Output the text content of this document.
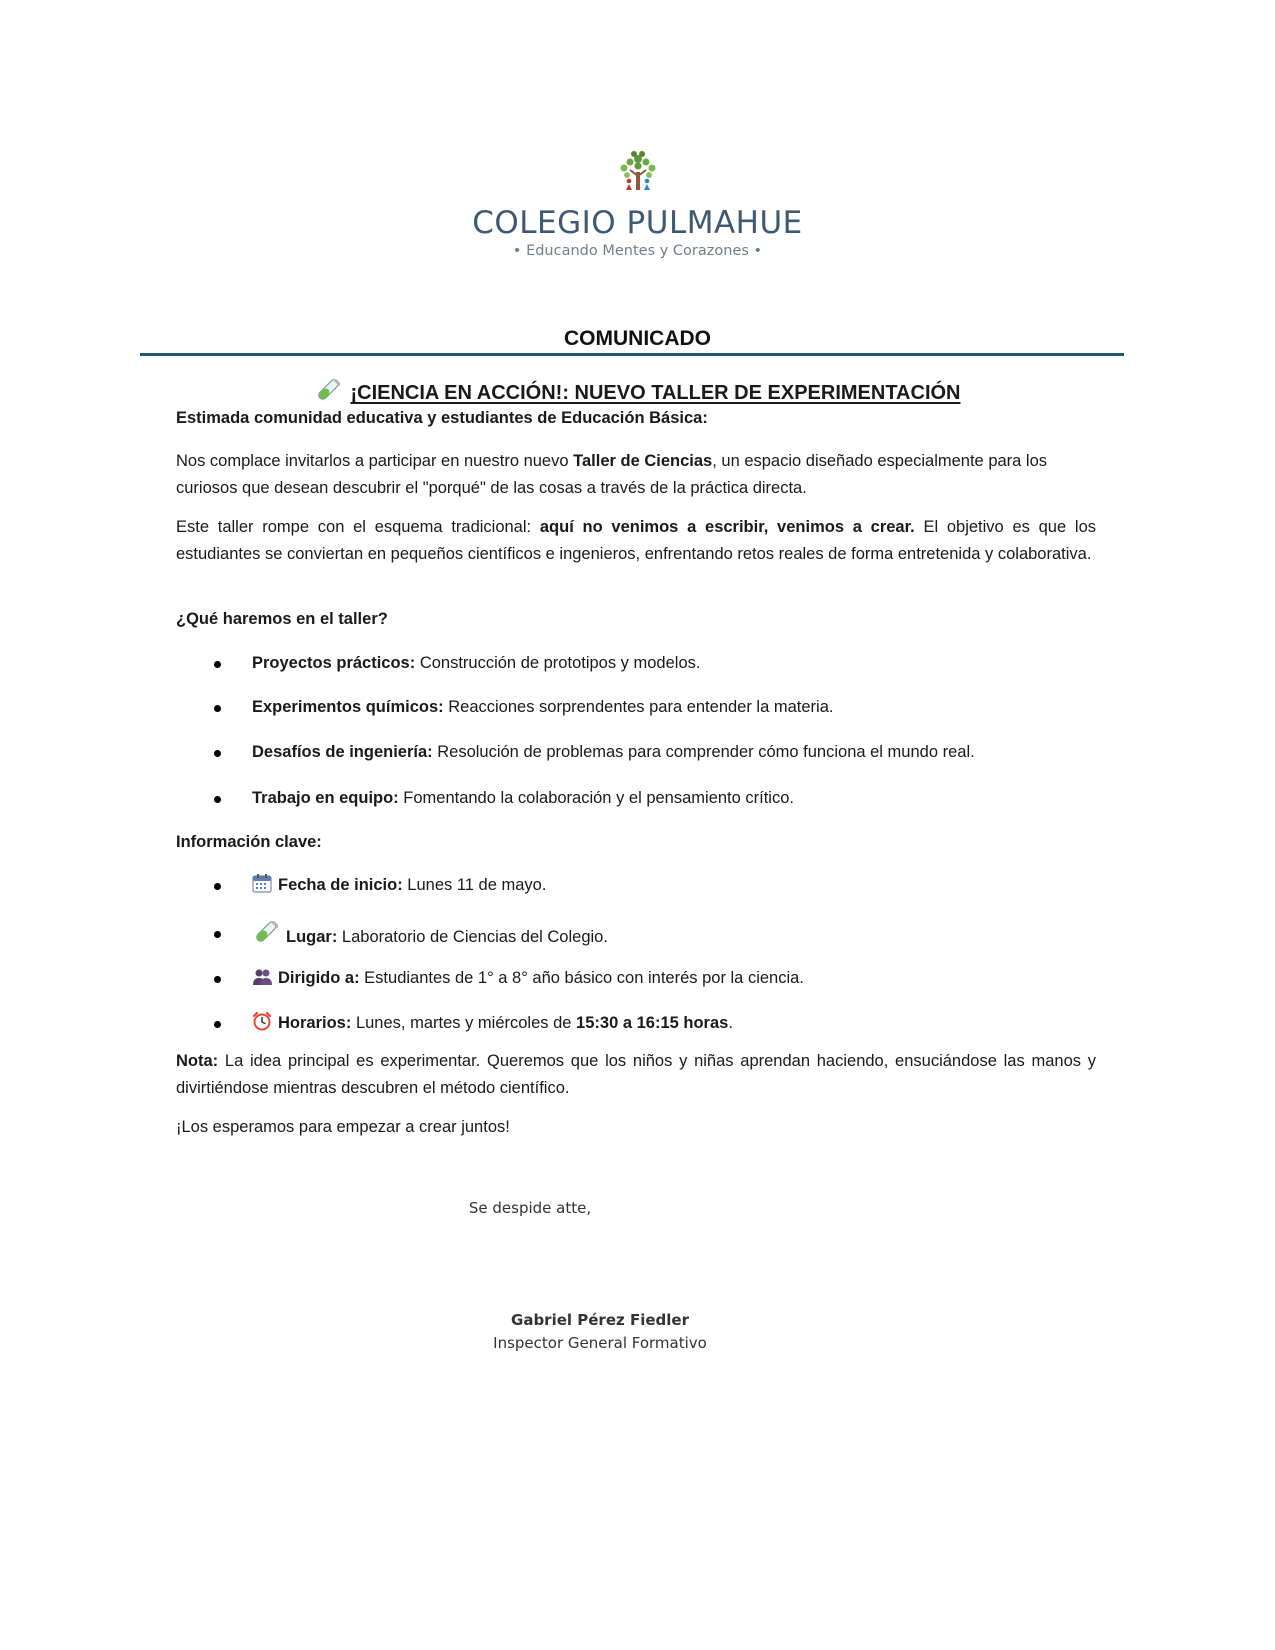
COLEGIO PULMAHUE
• Educando Mentes y Corazones •
COMUNICADO
¡CIENCIA EN ACCIÓN!: NUEVO TALLER DE EXPERIMENTACIÓN

Estimada comunidad educativa y estudiantes de Educación Básica:

Nos complace invitarlos a participar en nuestro nuevo Taller de Ciencias, un espacio diseñado especialmente para los curiosos que desean descubrir el "porqué" de las cosas a través de la práctica directa.

Este taller rompe con el esquema tradicional: aquí no venimos a escribir, venimos a crear. El objetivo es que los estudiantes se conviertan en pequeños científicos e ingenieros, enfrentando retos reales de forma entretenida y colaborativa.

¿Qué haremos en el taller?

Proyectos prácticos: Construcción de prototipos y modelos.
Experimentos químicos: Reacciones sorprendentes para entender la materia.
Desafíos de ingeniería: Resolución de problemas para comprender cómo funciona el mundo real.
Trabajo en equipo: Fomentando la colaboración y el pensamiento crítico.

Información clave:

Fecha de inicio: Lunes 11 de mayo.
Lugar: Laboratorio de Ciencias del Colegio.
Dirigido a: Estudiantes de 1° a 8° año básico con interés por la ciencia.
Horarios: Lunes, martes y miércoles de 15:30 a 16:15 horas.

Nota: La idea principal es experimentar. Queremos que los niños y niñas aprendan haciendo, ensuciándose las manos y divirtiéndose mientras descubren el método científico.

¡Los esperamos para empezar a crear juntos!

Se despide atte,
Gabriel Pérez Fiedler
Inspector General Formativo
